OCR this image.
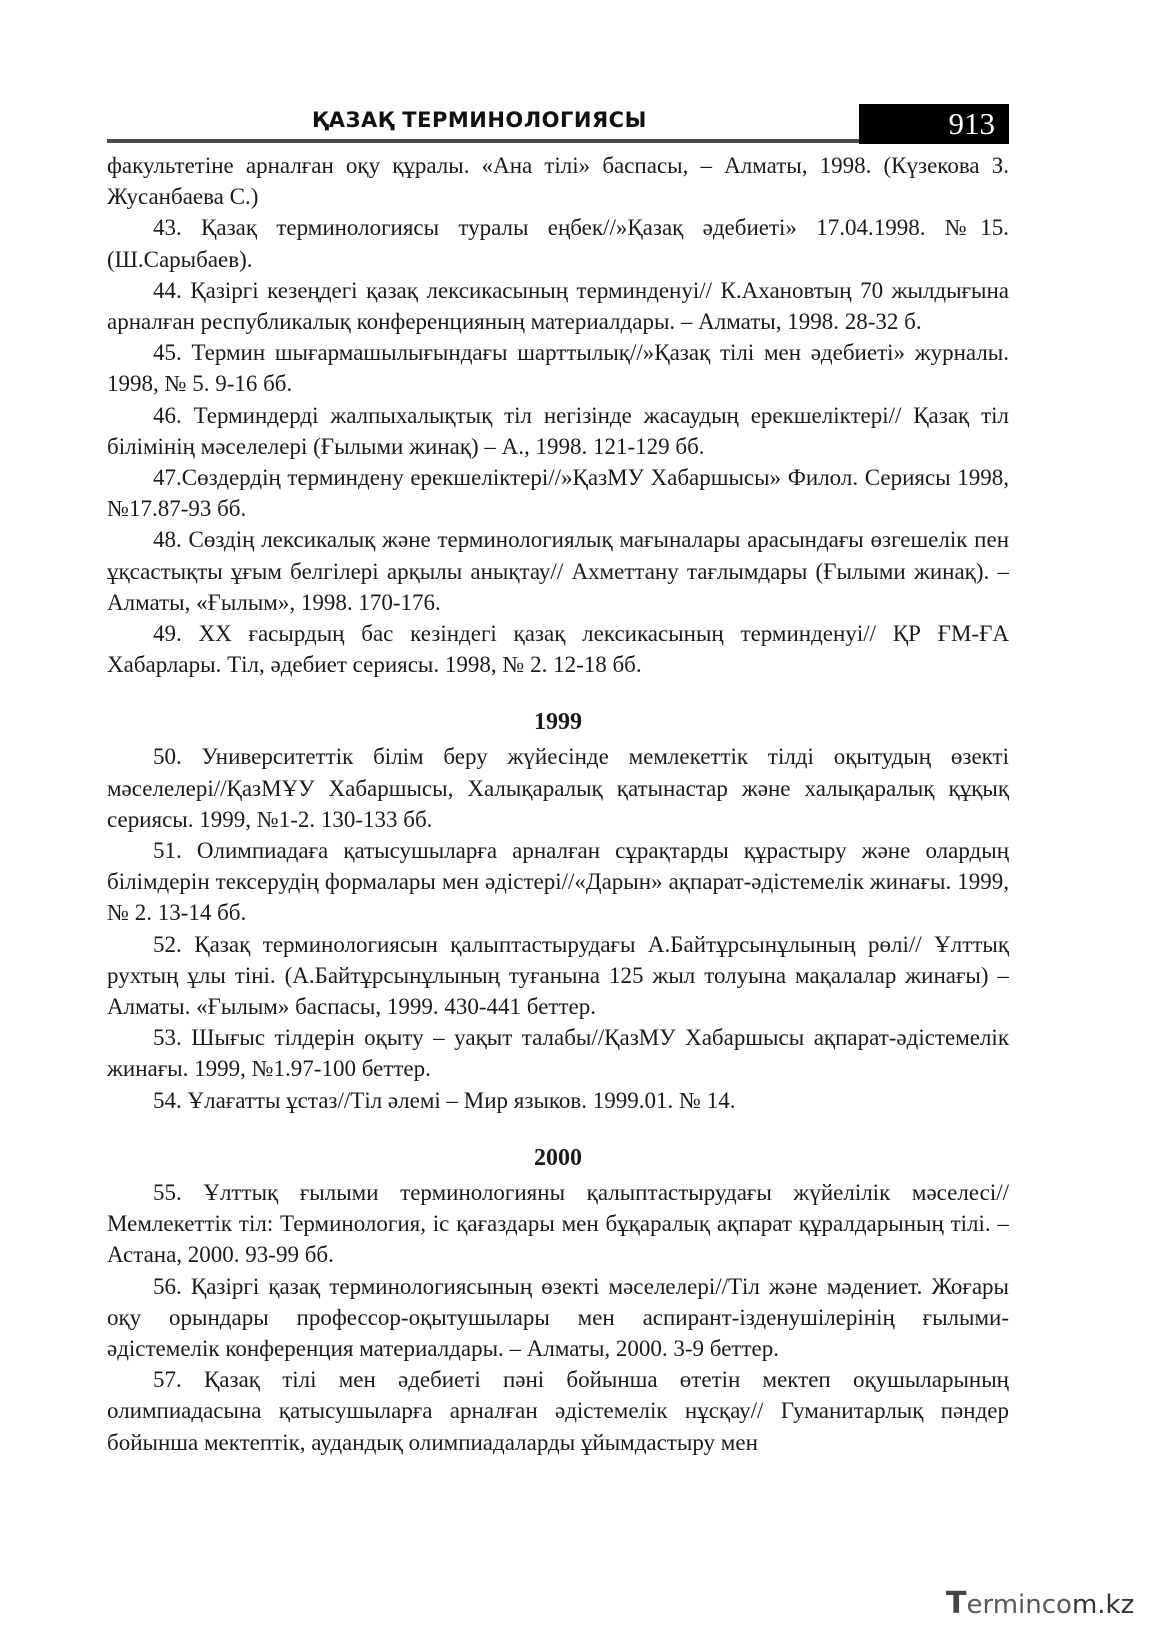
ҚАЗАҚ ТЕРМИНОЛОГИЯСЫ	913

факультетіне арналған оқу құралы. «Ана тілі» баспасы, – Алматы, 1998. (Күзекова З. Жусанбаева С.)

43. Қазақ терминологиясы туралы еңбек//»Қазақ әдебиеті» 17.04.1998. №15. (Ш.Сарыбаев).

44. Қазіргі кезеңдегі қазақ лексикасының терминденуі// К.Ахановтың 70 жылдығына арналған республикалық конференцияның материалдары. – Алматы, 1998. 28-32 б.

45. Термин шығармашылығындағы шарттылық//»Қазақ тілі мен әдебиеті» журналы. 1998, № 5. 9-16 бб.

46. Терминдерді жалпыхалықтық тіл негізінде жасаудың ерекшеліктері// Қазақ тіл білімінің мәселелері (Ғылыми жинақ) – А., 1998. 121-129 бб.

47.Сөздердің терминдену ерекшеліктері//»ҚазМУ Хабаршысы» Филол. Сериясы 1998, №17.87-93 бб.

48. Сөздің лексикалық және терминологиялық мағыналары арасындағы өзгешелік пен ұқсастықты ұғым белгілері арқылы анықтау// Ахметтану тағлымдары (Ғылыми жинақ). – Алматы, «Ғылым», 1998. 170-176.

49. XX ғасырдың бас кезіндегі қазақ лексикасының терминденуі// ҚР ҒМ-ҒА Хабарлары. Тіл, әдебиет сериясы. 1998, № 2. 12-18 бб.

1999

50. Университеттік білім беру жүйесінде мемлекеттік тілді оқытудың өзекті мәселелері//ҚазМҰУ Хабаршысы, Халықаралық қатынастар және халықаралық құқық сериясы. 1999, №1-2. 130-133 бб.

51. Олимпиадаға қатысушыларға арналған сұрақтарды құрастыру және олардың білімдерін тексерудің формалары мен әдістері//«Дарын» ақпарат-әдістемелік жинағы. 1999, № 2. 13-14 бб.

52. Қазақ терминологиясын қалыптастырудағы А.Байтұрсынұлының рөлі// Ұлттық рухтың ұлы тіні. (А.Байтұрсынұлының туғанына 125 жыл толуына мақалалар жинағы) – Алматы. «Ғылым» баспасы, 1999. 430-441 беттер.

53. Шығыс тілдерін оқыту – уақыт талабы//ҚазМУ Хабаршысы ақпарат-әдістемелік жинағы. 1999, №1.97-100 беттер.

54. Ұлағатты ұстаз//Тіл әлемі – Мир языков. 1999.01. № 14.

2000

55. Ұлттық ғылыми терминологияны қалыптастырудағы жүйелілік мәселесі//Мемлекеттік тіл: Терминология, іс қағаздары мен бұқаралық ақпарат құралдарының тілі. – Астана, 2000. 93-99 бб.

56. Қазіргі қазақ терминологиясының өзекті мәселелері//Тіл және мәдениет. Жоғары оқу орындары профессор-оқытушылары мен аспирант-ізденушілерінің ғылыми-әдістемелік конференция материалдары. – Алматы, 2000. 3-9 беттер.

57. Қазақ тілі мен әдебиеті пәні бойынша өтетін мектеп оқушыларының олимпиадасына қатысушыларға арналған әдістемелік нұсқау// Гуманитарлық пәндер бойынша мектептік, аудандық олимпиадаларды ұйымдастыру мен

Termincom.kz
